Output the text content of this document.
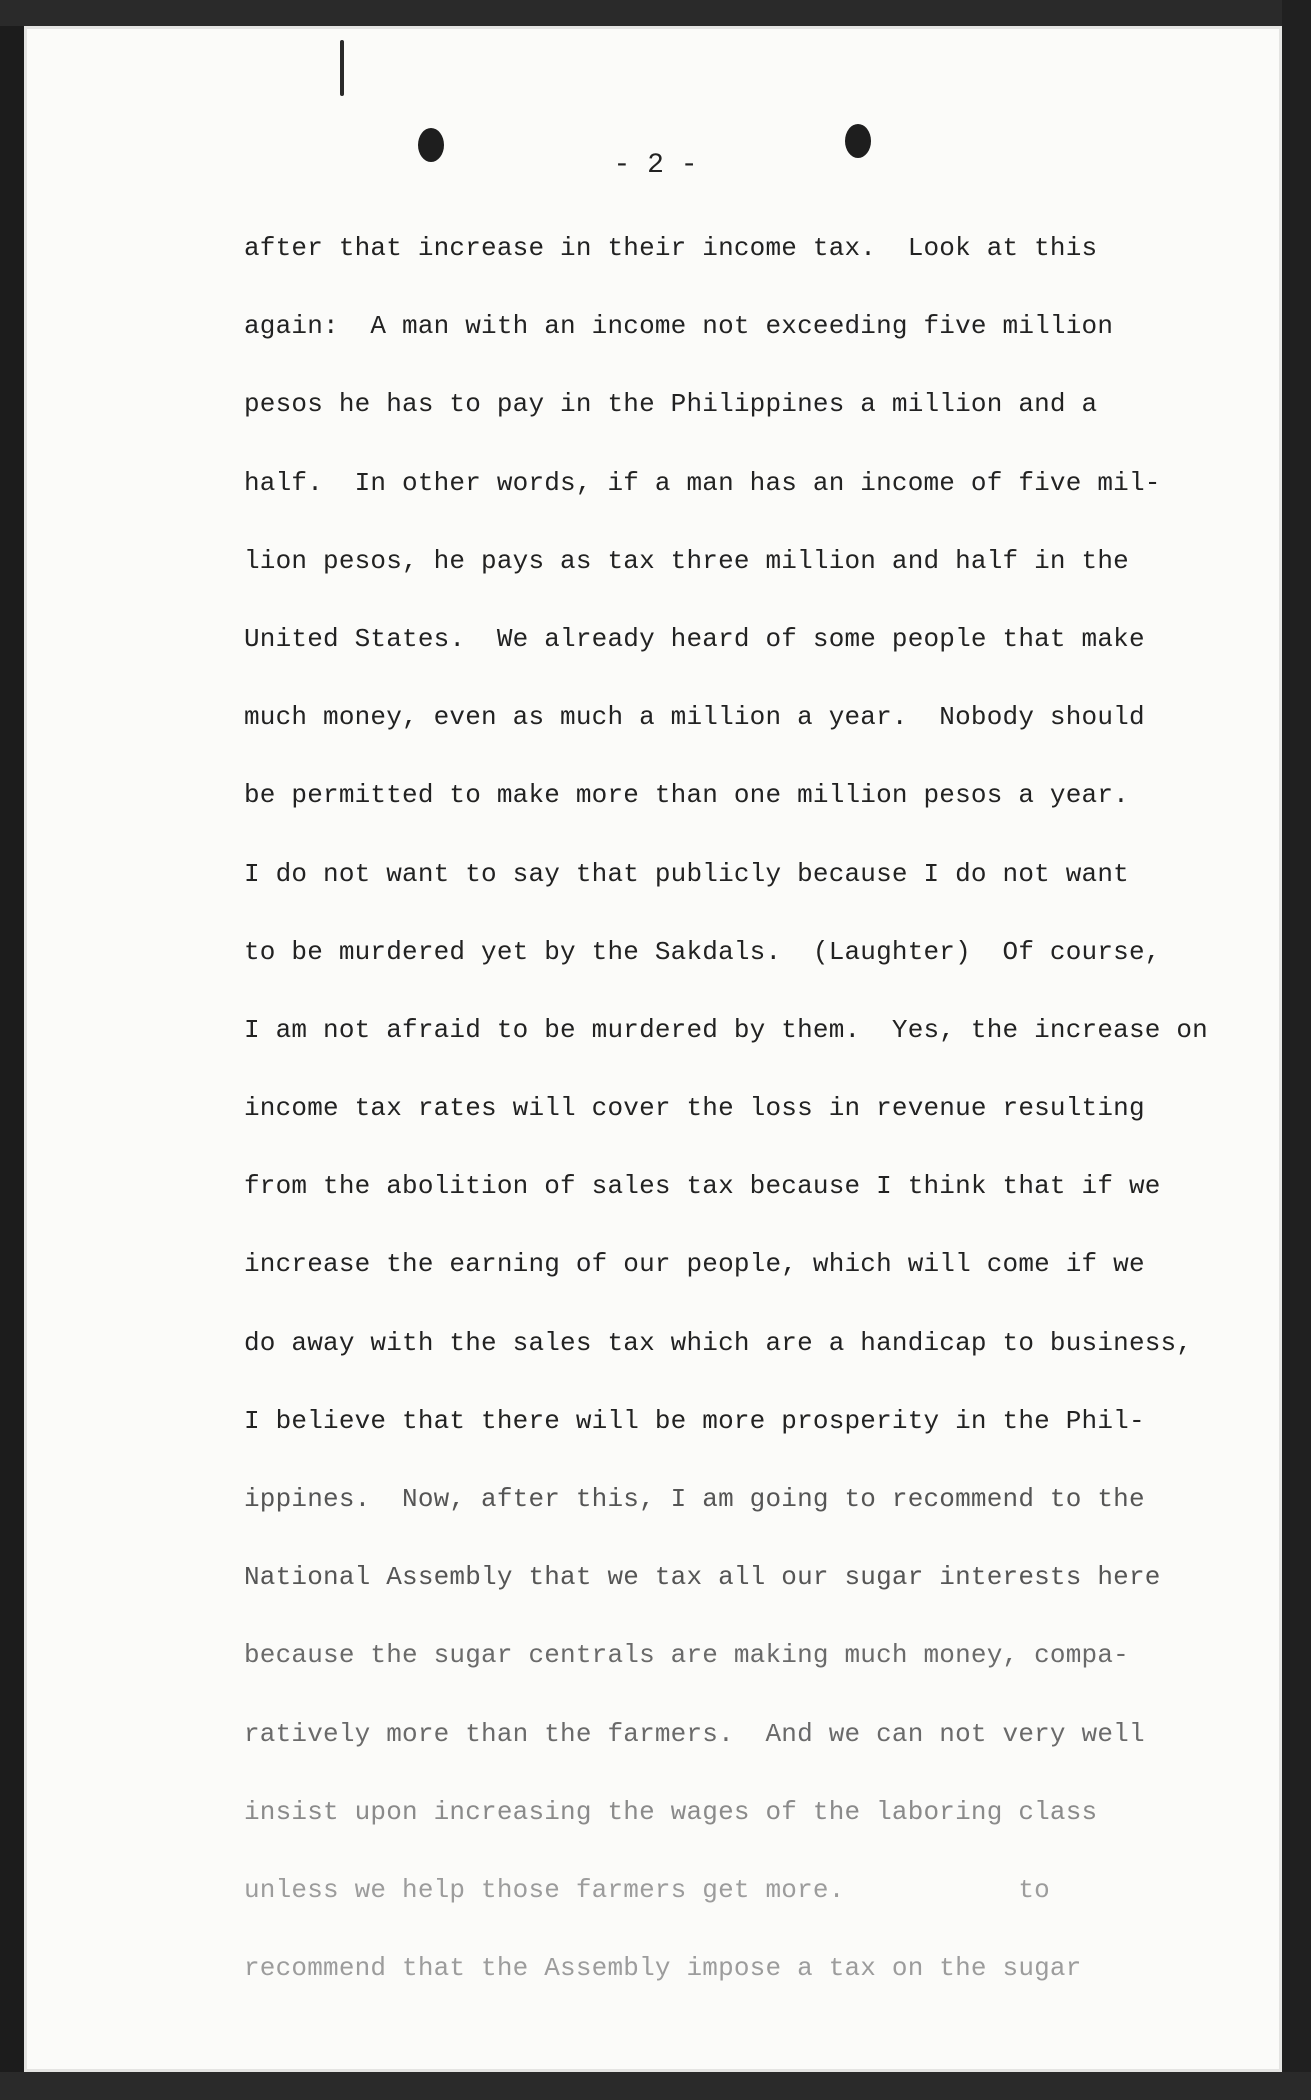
- 2 -
after that increase in their income tax.  Look at this
again:  A man with an income not exceeding five million
pesos he has to pay in the Philippines a million and a
half.  In other words, if a man has an income of five mil-
lion pesos, he pays as tax three million and half in the
United States.  We already heard of some people that make
much money, even as much a million a year.  Nobody should
be permitted to make more than one million pesos a year.
I do not want to say that publicly because I do not want
to be murdered yet by the Sakdals.  (Laughter)  Of course,
I am not afraid to be murdered by them.  Yes, the increase on
income tax rates will cover the loss in revenue resulting
from the abolition of sales tax because I think that if we
increase the earning of our people, which will come if we
do away with the sales tax which are a handicap to business,
I believe that there will be more prosperity in the Phil-
ippines.  Now, after this, I am going to recommend to the
National Assembly that we tax all our sugar interests here
because the sugar centrals are making much money, compa-
ratively more than the farmers.  And we can not very well
insist upon increasing the wages of the laboring class
unless we help those farmers get more.           to
recommend that the Assembly impose a tax on the sugar
